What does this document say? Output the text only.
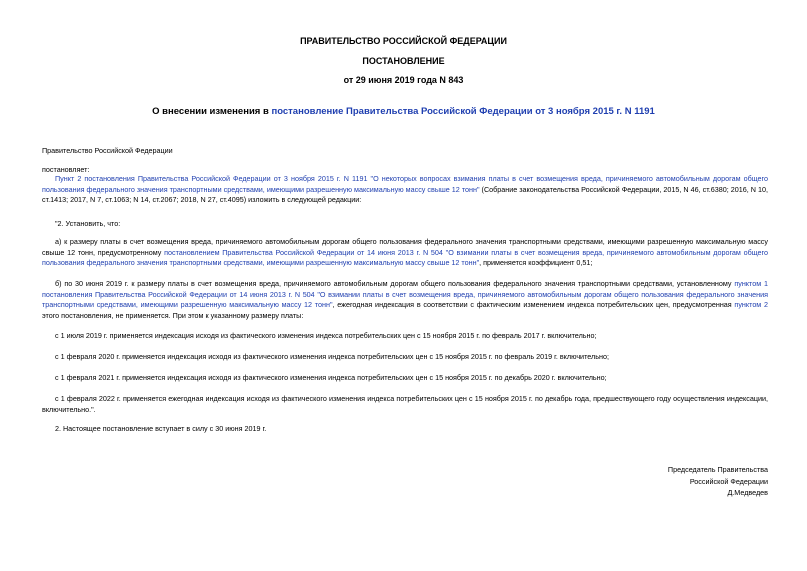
ПРАВИТЕЛЬСТВО РОССИЙСКОЙ ФЕДЕРАЦИИ
ПОСТАНОВЛЕНИЕ
от 29 июня 2019 года N 843
О внесении изменения в постановление Правительства Российской Федерации от 3 ноября 2015 г. N 1191
Правительство Российской Федерации
постановляет:
Пункт 2 постановления Правительства Российской Федерации от 3 ноября 2015 г. N 1191 "О некоторых вопросах взимания платы в счет возмещения вреда, причиняемого автомобильным дорогам общего пользования федерального значения транспортными средствами, имеющими разрешенную максимальную массу свыше 12 тонн" (Собрание законодательства Российской Федерации, 2015, N 46, ст.6380; 2016, N 10, ст.1413; 2017, N 7, ст.1063; N 14, ст.2067; 2018, N 27, ст.4095) изложить в следующей редакции:
"2. Установить, что:
а) к размеру платы в счет возмещения вреда, причиняемого автомобильным дорогам общего пользования федерального значения транспортными средствами, имеющими разрешенную максимальную массу свыше 12 тонн, предусмотренному постановлением Правительства Российской Федерации от 14 июня 2013 г. N 504 "О взимании платы в счет возмещения вреда, причиняемого автомобильным дорогам общего пользования федерального значения транспортными средствами, имеющими разрешенную максимальную массу свыше 12 тонн", применяется коэффициент 0,51;
б) по 30 июня 2019 г. к размеру платы в счет возмещения вреда, причиняемого автомобильным дорогам общего пользования федерального значения транспортными средствами, установленному пунктом 1 постановления Правительства Российской Федерации от 14 июня 2013 г. N 504 "О взимании платы в счет возмещения вреда, причиняемого автомобильным дорогам общего пользования федерального значения транспортными средствами, имеющими разрешенную максимальную массу 12 тонн", ежегодная индексация в соответствии с фактическим изменением индекса потребительских цен, предусмотренная пунктом 2 этого постановления, не применяется. При этом к указанному размеру платы:
с 1 июля 2019 г. применяется индексация исходя из фактического изменения индекса потребительских цен с 15 ноября 2015 г. по февраль 2017 г. включительно;
с 1 февраля 2020 г. применяется индексация исходя из фактического изменения индекса потребительских цен с 15 ноября 2015 г. по февраль 2019 г. включительно;
с 1 февраля 2021 г. применяется индексация исходя из фактического изменения индекса потребительских цен с 15 ноября 2015 г. по декабрь 2020 г. включительно;
с 1 февраля 2022 г. применяется ежегодная индексация исходя из фактического изменения индекса потребительских цен с 15 ноября 2015 г. по декабрь года, предшествующего году осуществления индексации, включительно.".
2. Настоящее постановление вступает в силу с 30 июня 2019 г.
Председатель Правительства
Российской Федерации
Д.Медведев
